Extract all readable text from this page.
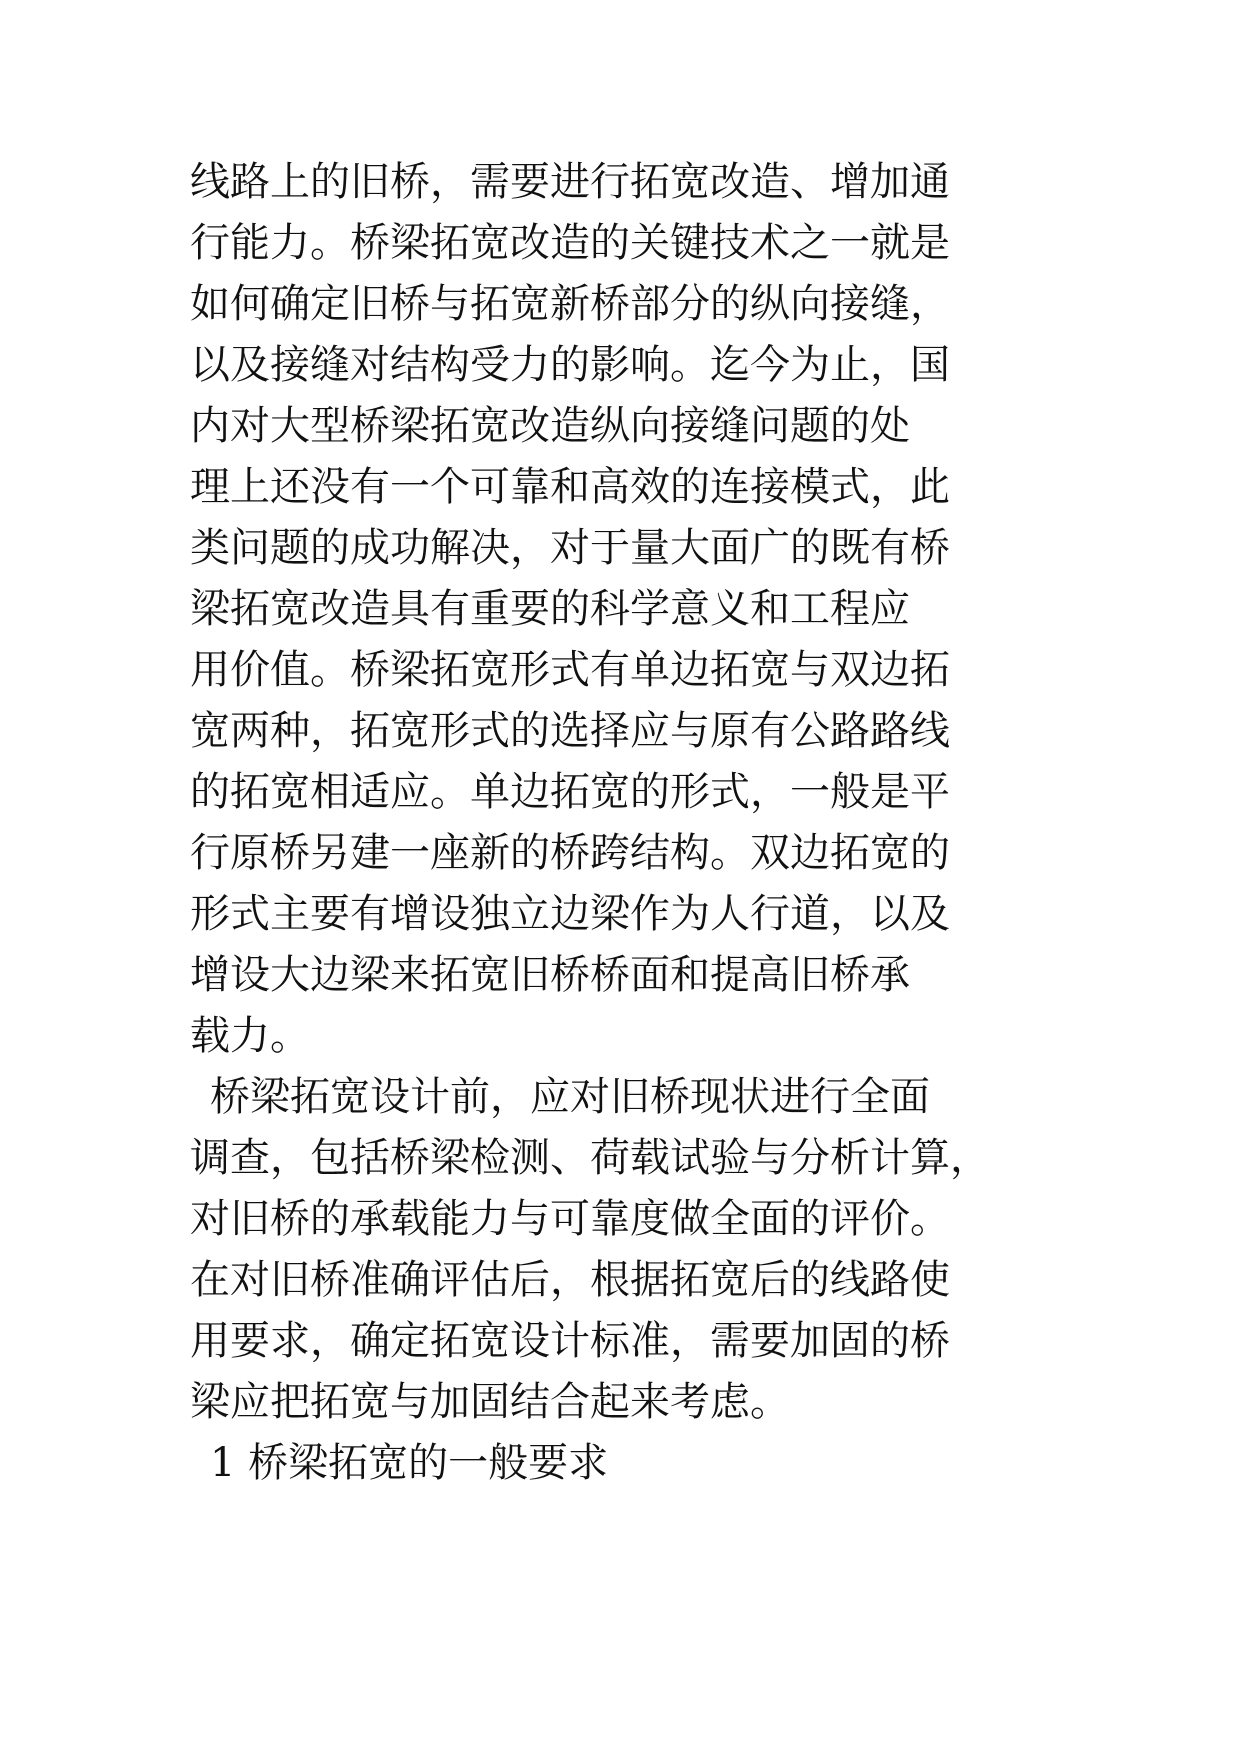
线路上的旧桥，需要进行拓宽改造、增加通
行能力。桥梁拓宽改造的关键技术之一就是
如何确定旧桥与拓宽新桥部分的纵向接缝，
以及接缝对结构受力的影响。迄今为止，国
内对大型桥梁拓宽改造纵向接缝问题的处
理上还没有一个可靠和高效的连接模式，此
类问题的成功解决，对于量大面广的既有桥
梁拓宽改造具有重要的科学意义和工程应
用价值。桥梁拓宽形式有单边拓宽与双边拓
宽两种，拓宽形式的选择应与原有公路路线
的拓宽相适应。单边拓宽的形式，一般是平
行原桥另建一座新的桥跨结构。双边拓宽的
形式主要有增设独立边梁作为人行道，以及
增设大边梁来拓宽旧桥桥面和提高旧桥承
载力。
桥梁拓宽设计前，应对旧桥现状进行全面
调查，包括桥梁检测、荷载试验与分析计算，
对旧桥的承载能力与可靠度做全面的评价。
在对旧桥准确评估后，根据拓宽后的线路使
用要求，确定拓宽设计标准，需要加固的桥
梁应把拓宽与加固结合起来考虑。
1 桥梁拓宽的一般要求
